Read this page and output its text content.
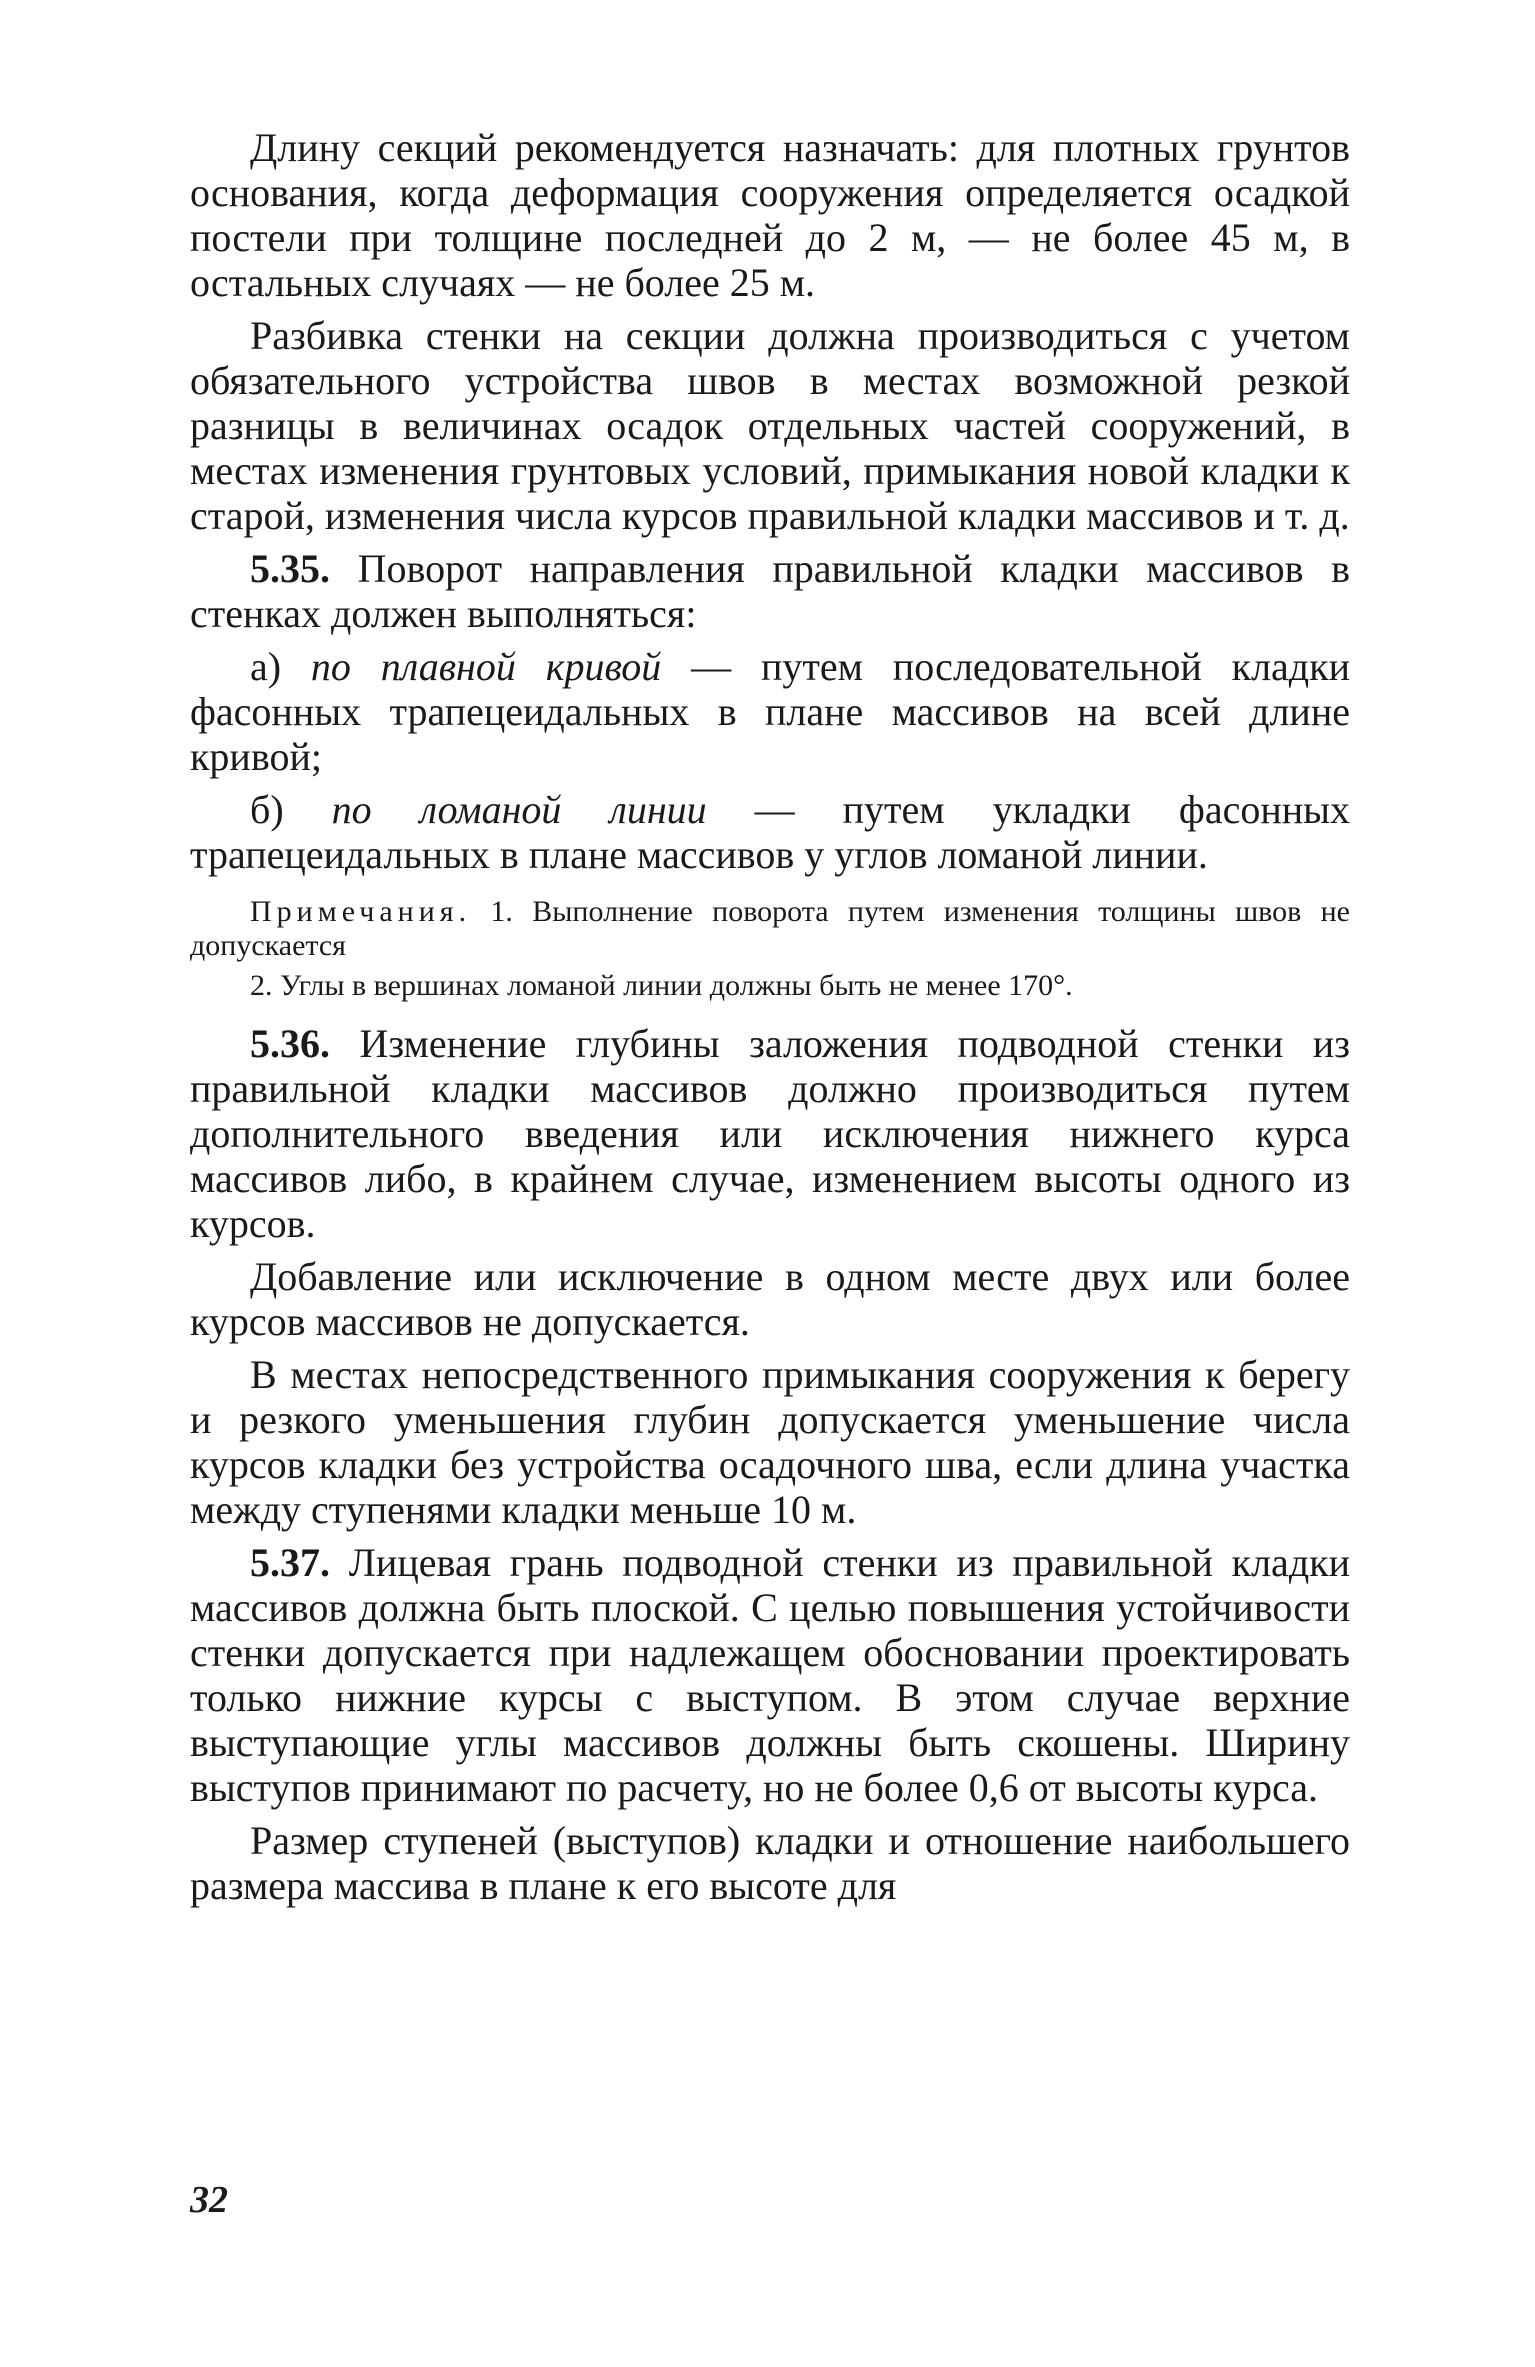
Длину секций рекомендуется назначать: для плотных грунтов основания, когда деформация сооружения определяется осадкой постели при толщине последней до 2 м, — не более 45 м, в остальных случаях — не более 25 м.

Разбивка стенки на секции должна производиться с учетом обязательного устройства швов в местах возможной резкой разницы в величинах осадок отдельных частей сооружений, в местах изменения грунтовых условий, примыкания новой кладки к старой, изменения числа курсов правильной кладки массивов и т. д.

5.35. Поворот направления правильной кладки массивов в стенках должен выполняться:

а) по плавной кривой — путем последовательной кладки фасонных трапецеидальных в плане массивов на всей длине кривой;

б) по ломаной линии — путем укладки фасонных трапецеидальных в плане массивов у углов ломаной линии.

Примечания. 1. Выполнение поворота путем изменения толщины швов не допускается

2. Углы в вершинах ломаной линии должны быть не менее 170°.

5.36. Изменение глубины заложения подводной стенки из правильной кладки массивов должно производиться путем дополнительного введения или исключения нижнего курса массивов либо, в крайнем случае, изменением высоты одного из курсов.

Добавление или исключение в одном месте двух или более курсов массивов не допускается.

В местах непосредственного примыкания сооружения к берегу и резкого уменьшения глубин допускается уменьшение числа курсов кладки без устройства осадочного шва, если длина участка между ступенями кладки меньше 10 м.

5.37. Лицевая грань подводной стенки из правильной кладки массивов должна быть плоской. С целью повышения устойчивости стенки допускается при надлежащем обосновании проектировать только нижние курсы с выступом. В этом случае верхние выступающие углы массивов должны быть скошены. Ширину выступов принимают по расчету, но не более 0,6 от высоты курса.

Размер ступеней (выступов) кладки и отношение наибольшего размера массива в плане к его высоте для

32
